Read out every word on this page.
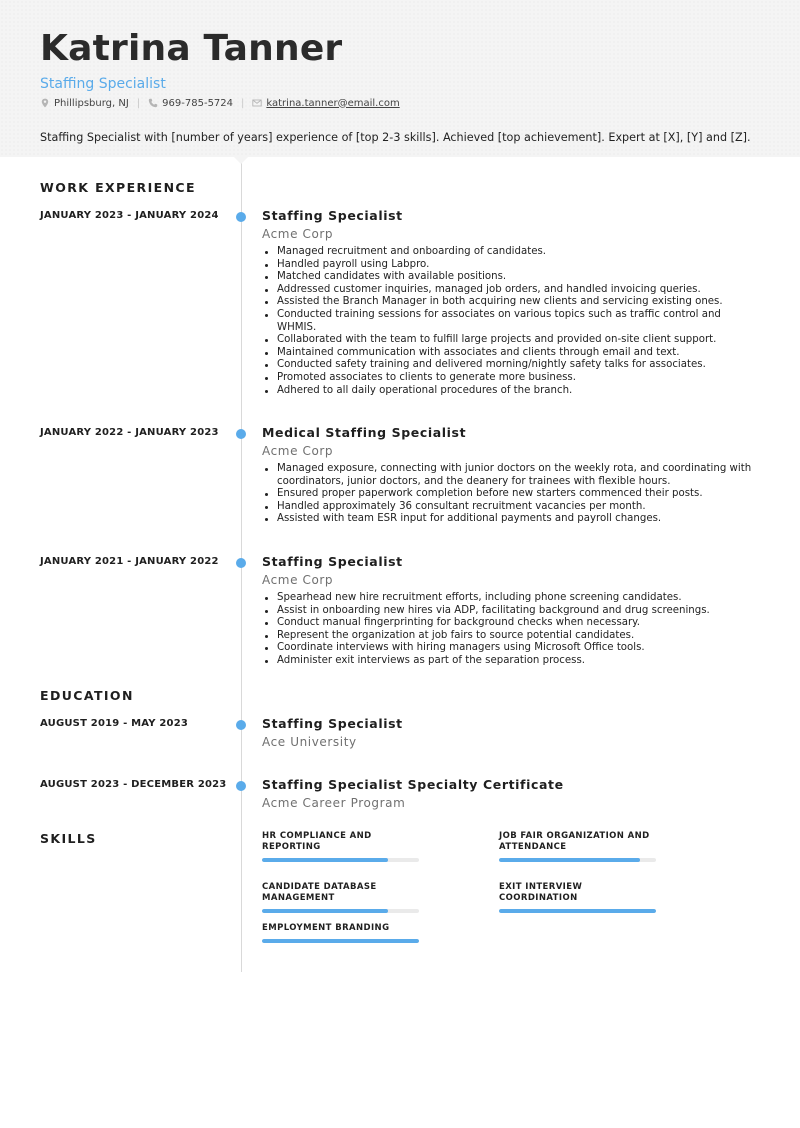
Katrina Tanner
Staffing Specialist
Phillipsburg, NJ | 969-785-5724 | katrina.tanner@email.com
Staffing Specialist with [number of years] experience of [top 2-3 skills]. Achieved [top achievement]. Expert at [X], [Y] and [Z].
WORK EXPERIENCE
JANUARY 2023 - JANUARY 2024	Staffing Specialist
Acme Corp
Managed recruitment and onboarding of candidates.
Handled payroll using Labpro.
Matched candidates with available positions.
Addressed customer inquiries, managed job orders, and handled invoicing queries.
Assisted the Branch Manager in both acquiring new clients and servicing existing ones.
Conducted training sessions for associates on various topics such as traffic control and WHMIS.
Collaborated with the team to fulfill large projects and provided on-site client support.
Maintained communication with associates and clients through email and text.
Conducted safety training and delivered morning/nightly safety talks for associates.
Promoted associates to clients to generate more business.
Adhered to all daily operational procedures of the branch.
JANUARY 2022 - JANUARY 2023	Medical Staffing Specialist
Acme Corp
Managed exposure, connecting with junior doctors on the weekly rota, and coordinating with coordinators, junior doctors, and the deanery for trainees with flexible hours.
Ensured proper paperwork completion before new starters commenced their posts.
Handled approximately 36 consultant recruitment vacancies per month.
Assisted with team ESR input for additional payments and payroll changes.
JANUARY 2021 - JANUARY 2022	Staffing Specialist
Acme Corp
Spearhead new hire recruitment efforts, including phone screening candidates.
Assist in onboarding new hires via ADP, facilitating background and drug screenings.
Conduct manual fingerprinting for background checks when necessary.
Represent the organization at job fairs to source potential candidates.
Coordinate interviews with hiring managers using Microsoft Office tools.
Administer exit interviews as part of the separation process.
EDUCATION
AUGUST 2019 - MAY 2023	Staffing Specialist
Ace University
AUGUST 2023 - DECEMBER 2023	Staffing Specialist Specialty Certificate
Acme Career Program
SKILLS	HR COMPLIANCE AND REPORTING
JOB FAIR ORGANIZATION AND ATTENDANCE
CANDIDATE DATABASE MANAGEMENT
EXIT INTERVIEW COORDINATION
EMPLOYMENT BRANDING
